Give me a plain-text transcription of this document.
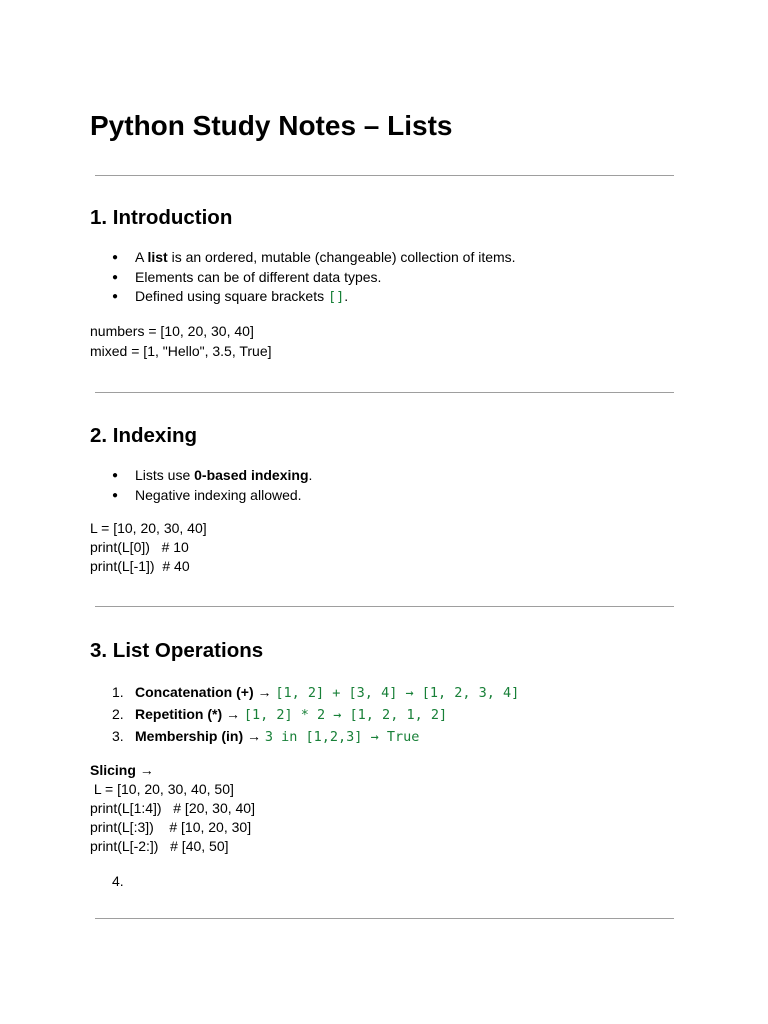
Python Study Notes – Lists
1. Introduction
● A list is an ordered, mutable (changeable) collection of items.
● Elements can be of different data types.
● Defined using square brackets [].
numbers = [10, 20, 30, 40]
mixed = [1, "Hello", 3.5, True]
2. Indexing
● Lists use 0-based indexing.
● Negative indexing allowed.
L = [10, 20, 30, 40]
print(L[0])   # 10
print(L[-1])  # 40
3. List Operations
1. Concatenation (+) → [1, 2] + [3, 4] → [1, 2, 3, 4]
2. Repetition (*) → [1, 2] * 2 → [1, 2, 1, 2]
3. Membership (in) → 3 in [1,2,3] → True
Slicing →
L = [10, 20, 30, 40, 50]
print(L[1:4])   # [20, 30, 40]
print(L[:3])    # [10, 20, 30]
print(L[-2:])   # [40, 50]
4.
